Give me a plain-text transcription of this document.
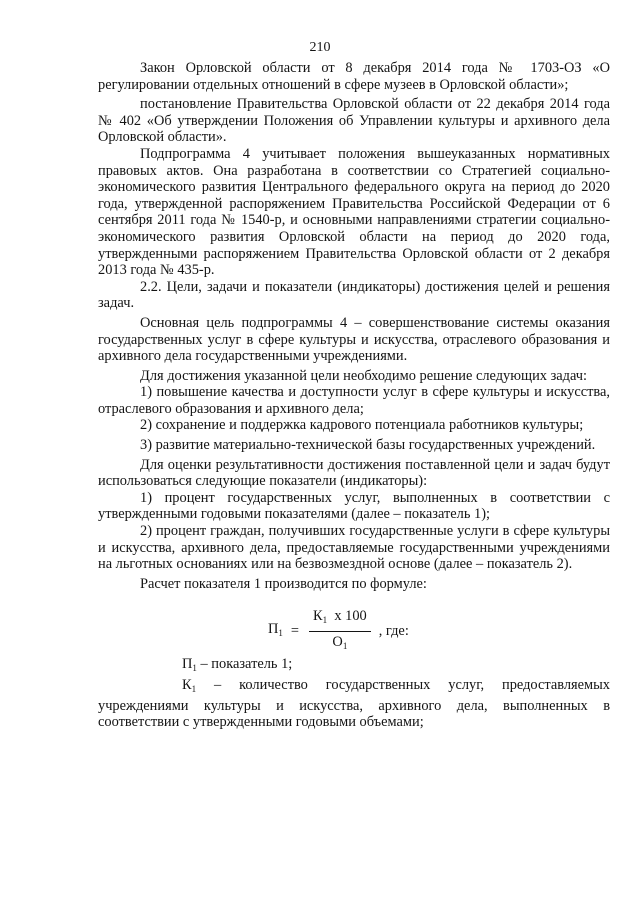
210

Закон Орловской области от 8 декабря 2014 года № 1703-ОЗ «О регулировании отдельных отношений в сфере музеев в Орловской области»;

постановление Правительства Орловской области от 22 декабря 2014 года № 402 «Об утверждении Положения об Управлении культуры и архивного дела Орловской области».

Подпрограмма 4 учитывает положения вышеуказанных нормативных правовых актов. Она разработана в соответствии со Стратегией социально-экономического развития Центрального федерального округа на период до 2020 года, утвержденной распоряжением Правительства Российской Федерации от 6 сентября 2011 года № 1540-р, и основными направлениями стратегии социально-экономического развития Орловской области на период до 2020 года, утвержденными распоряжением Правительства Орловской области от 2 декабря 2013 года № 435-р.

2.2. Цели, задачи и показатели (индикаторы) достижения целей и решения задач.

Основная цель подпрограммы 4 – совершенствование системы оказания государственных услуг в сфере культуры и искусства, отраслевого образования и архивного дела государственными учреждениями.

Для достижения указанной цели необходимо решение следующих задач:

1) повышение качества и доступности услуг в сфере культуры и искусства, отраслевого образования и архивного дела;

2) сохранение и поддержка кадрового потенциала работников культуры;

3) развитие материально-технической базы государственных учреждений.

Для оценки результативности достижения поставленной цели и задач будут использоваться следующие показатели (индикаторы):

1) процент государственных услуг, выполненных в соответствии с утвержденными годовыми показателями (далее – показатель 1);

2) процент граждан, получивших государственные услуги в сфере культуры и искусства, архивного дела, предоставляемые государственными учреждениями на льготных основаниях или на безвозмездной основе (далее – показатель 2).

Расчет показателя 1 производится по формуле:

$П_1 = \frac{К_1 х 100}{О_1}$ , где:

$П_1$ – показатель 1;

$К_1$ – количество государственных услуг, предоставляемых учреждениями культуры и искусства, архивного дела, выполненных в соответствии с утвержденными годовыми объемами;
